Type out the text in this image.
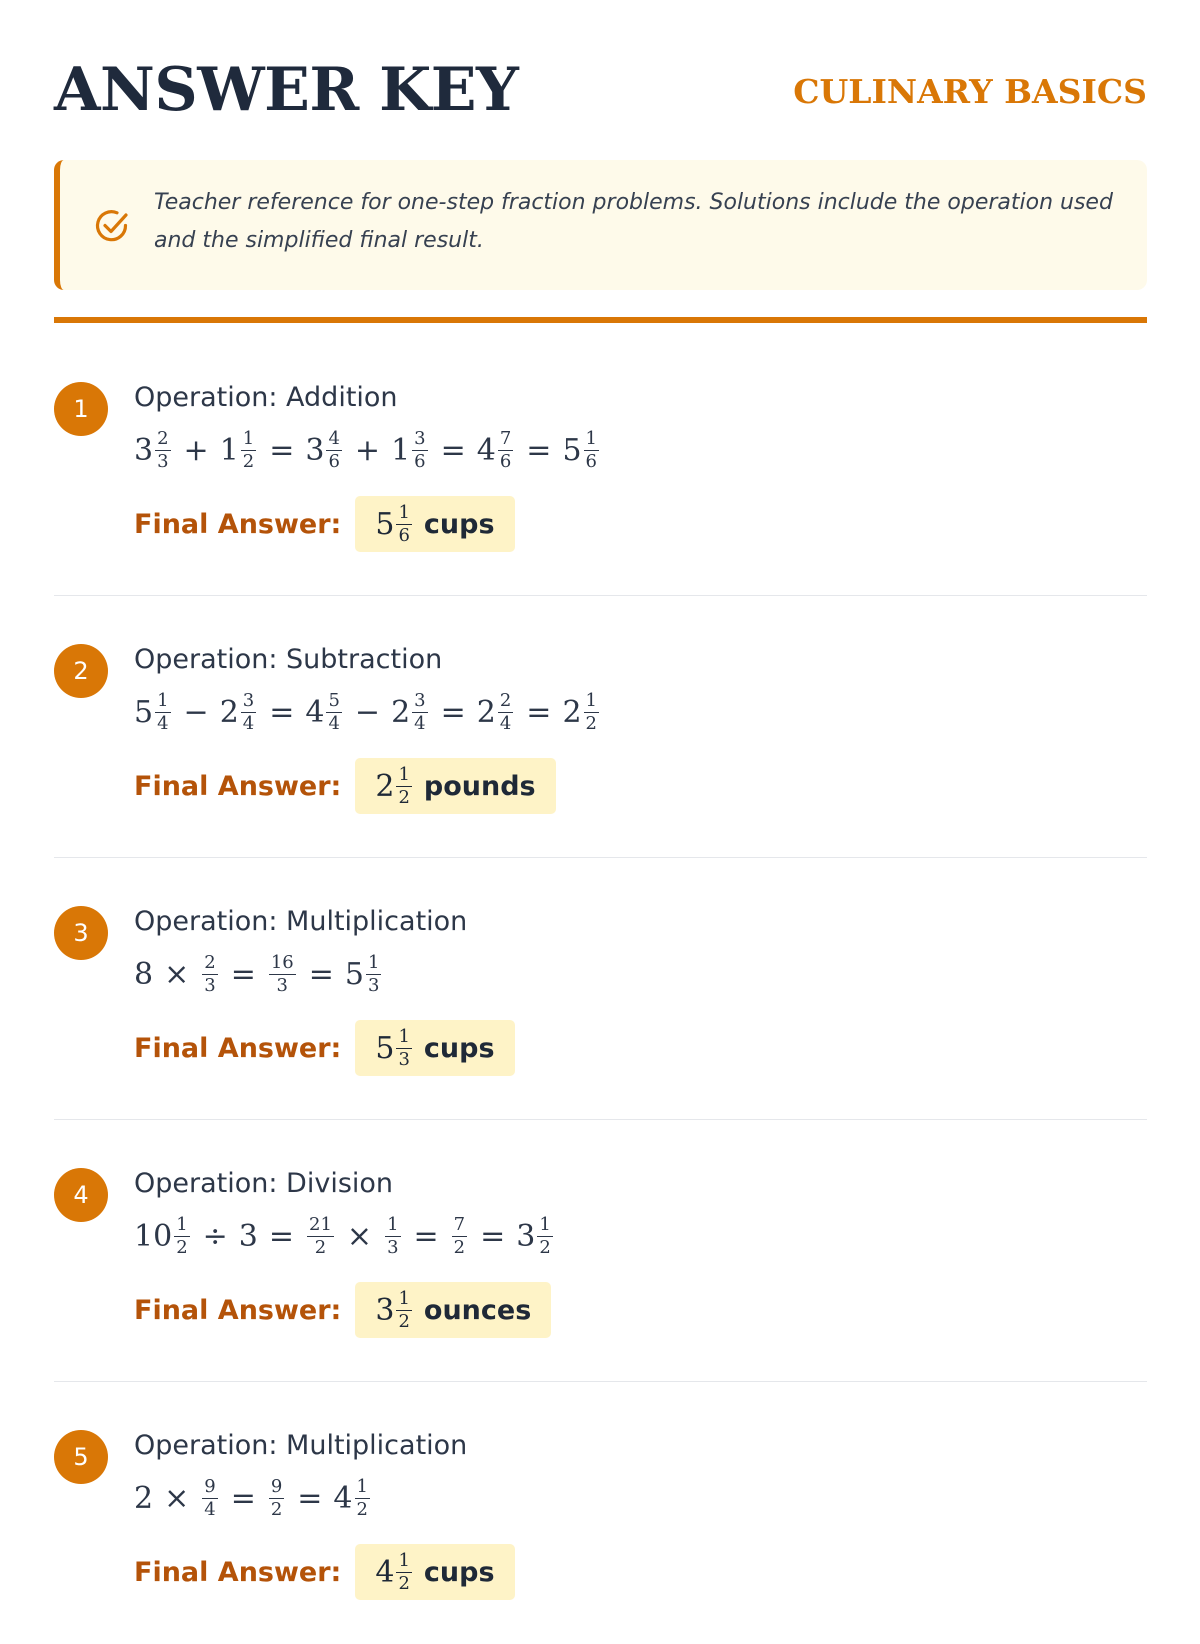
ANSWER KEY	CULINARY BASICS

Teacher reference for one-step fraction problems. Solutions include the operation used and the simplified final result.

1	Operation: Addition
$3 \frac{2}{3} + 1 \frac{1}{2} = 3 \frac{4}{6} + 1 \frac{3}{6} = 4 \frac{7}{6} = 5 \frac{1}{6}$
Final Answer: $5 \frac{1}{6}$ cups
2	Operation: Subtraction
$5 \frac{1}{4} - 2 \frac{3}{4} = 4 \frac{5}{4} - 2 \frac{3}{4} = 2 \frac{2}{4} = 2 \frac{1}{2}$
Final Answer: $2 \frac{1}{2}$ pounds
3	Operation: Multiplication
$8 \times \frac{2}{3} = \frac{16}{3} = 5 \frac{1}{3}$
Final Answer: $5 \frac{1}{3}$ cups
4	Operation: Division
$10 \frac{1}{2} \div 3 = \frac{21}{2} \times \frac{1}{3} = \frac{7}{2} = 3 \frac{1}{2}$
Final Answer: $3 \frac{1}{2}$ ounces
5	Operation: Multiplication
$2 \times \frac{9}{4} = \frac{9}{2} = 4 \frac{1}{2}$
Final Answer: $4 \frac{1}{2}$ cups
